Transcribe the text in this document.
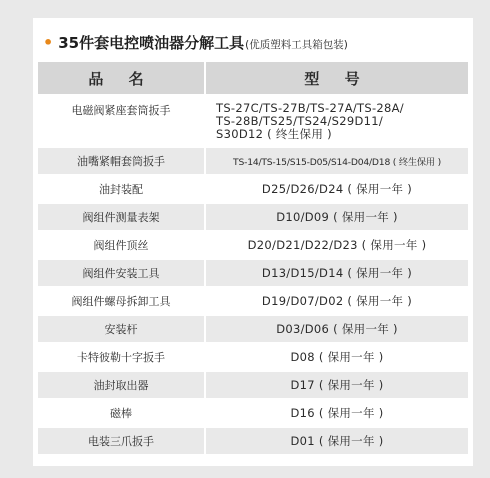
• 35件套电控喷油器分解工具 (优质塑料工具箱包装)
品 名	型 号
电磁阀紧座套筒扳手	TS-27C/TS-27B/TS-27A/TS-28A/
TS-28B/TS25/TS24/S29D11/
S30D12 ( 终生保用 )
油嘴紧帽套筒扳手	TS-14/TS-15/S15-D05/S14-D04/D18 ( 终生保用 )
油封装配	D25/D26/D24 ( 保用一年 )
阀组件测量表架	D10/D09 ( 保用一年 )
阀组件顶丝	D20/D21/D22/D23 ( 保用一年 )
阀组件安装工具	D13/D15/D14 ( 保用一年 )
阀组件螺母拆卸工具	D19/D07/D02 ( 保用一年 )
安装杆	D03/D06 ( 保用一年 )
卡特彼勒十字扳手	D08 ( 保用一年 )
油封取出器	D17 ( 保用一年 )
磁棒	D16 ( 保用一年 )
电装三爪扳手	D01 ( 保用一年 )
